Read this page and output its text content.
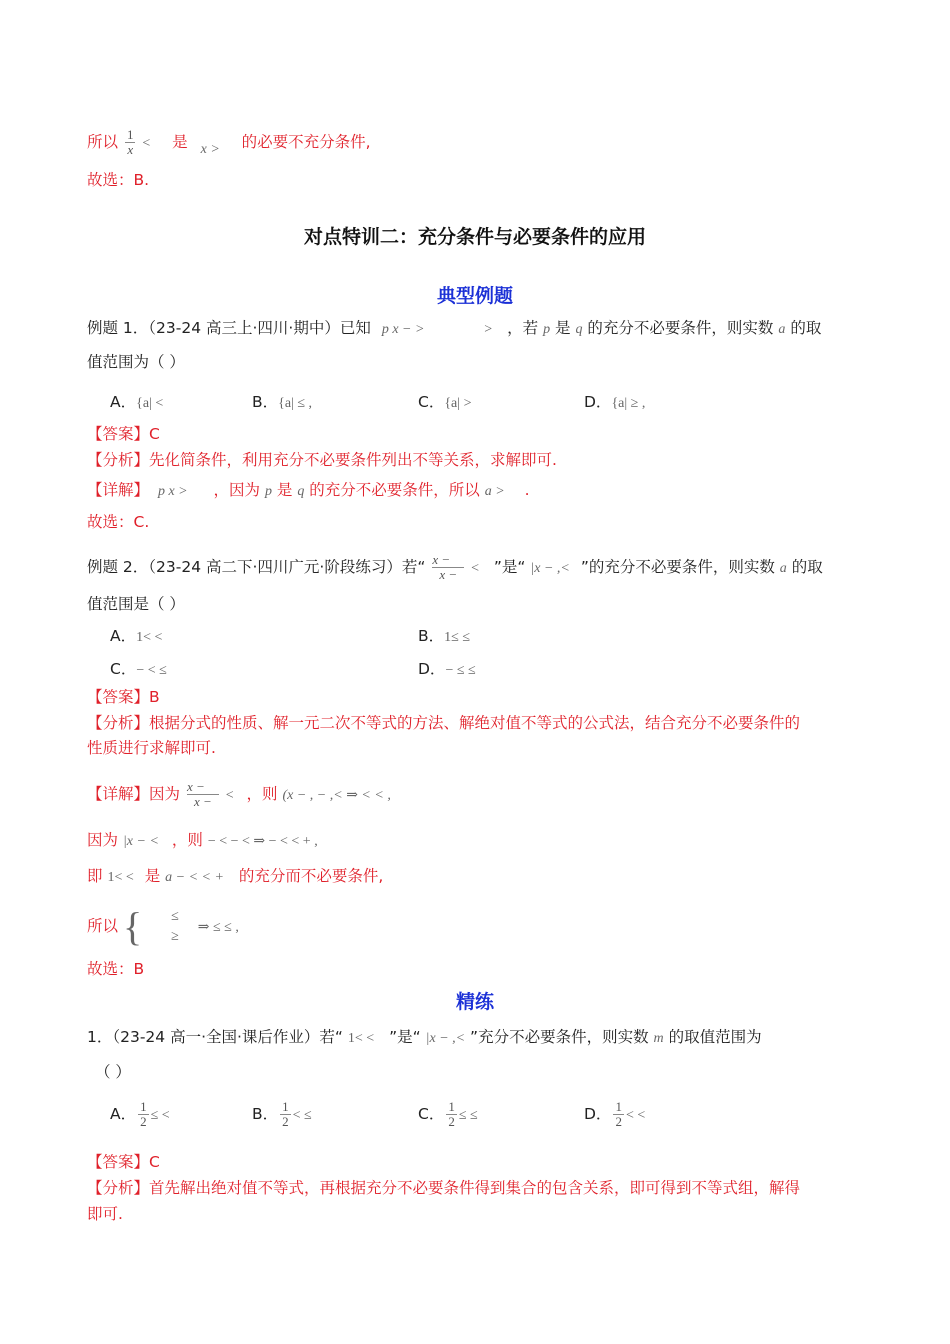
所以 $\frac{1}{x}$ < 是 x > 的必要不充分条件,
故选：B.
对点特训二：充分条件与必要条件的应用
典型例题
例题 1．（23-24 高三上·四川·期中）已知 p x − >	> ，若 p 是 q 的充分不必要条件，则实数 a 的取
值范围为（ ）
A．{a| <	B．{a| ≤ ,	C．{a| >	D．{a| ≥ ,
【答案】C
【分析】先化简条件，利用充分不必要条件列出不等关系，求解即可.
【详解】 p x > ，因为 p 是 q 的充分不必要条件，所以 a > .
故选：C.
例题 2．（23-24 高二下·四川广元·阶段练习）若“ $\frac{x -}{x -}$ < ”是“ |x − ,< ”的充分不必要条件，则实数 a 的取
值范围是（ ）
A．1< <	B．1≤ ≤
C．− < ≤	D．− ≤ ≤
【答案】B
【分析】根据分式的性质、解一元二次不等式的方法、解绝对值不等式的公式法，结合充分不必要条件的
性质进行求解即可.
【详解】因为 $\frac{x -}{x -}$ < ，则 (x − , − ,< ⇒ < < ,
因为 |x − < ，则 − < − < ⇒ − < < + ,
即 1< < 是 a − < < + 的充分而不必要条件,
所以 { ≤
≥
⇒ ≤ ≤ ,
故选：B
精练
1．（23-24 高一·全国·课后作业）若“ 1< < ”是“ |x − ,< ”充分不必要条件，则实数 m 的取值范围为
（ ）
A． $\frac{1}{2}$ ≤ <	B． $\frac{1}{2}$ < ≤	C． $\frac{1}{2}$ ≤ ≤	D． $\frac{1}{2}$ < <
【答案】C
【分析】首先解出绝对值不等式，再根据充分不必要条件得到集合的包含关系，即可得到不等式组，解得
即可.
